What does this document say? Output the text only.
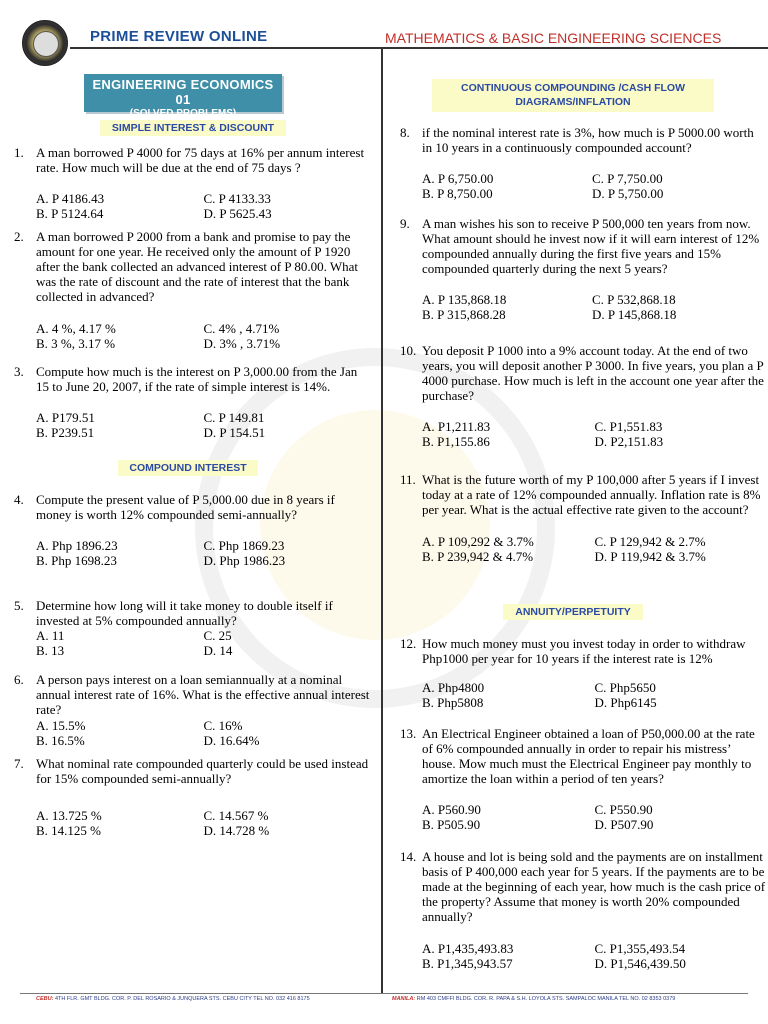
PRIME REVIEW ONLINE	MATHEMATICS & BASIC ENGINEERING SCIENCES
ENGINEERING ECONOMICS 01
(SOLVED PROBLEMS)
SIMPLE INTEREST & DISCOUNT
COMPOUND INTEREST
CONTINUOUS COMPOUNDING /CASH FLOW DIAGRAMS/INFLATION
ANNUITY/PERPETUITY
1. A man borrowed P 4000 for 75 days at 16% per annum interest rate. How much will be due at the end of 75 days ?
A. P 4186.43	C. P 4133.33
B. P 5124.64	D. P 5625.43
2. A man borrowed P 2000 from a bank and promise to pay the amount for one year. He received only the amount of P 1920 after the bank collected an advanced interest of P 80.00. What was the rate of discount and the rate of interest that the bank collected in advanced?
A. 4 %, 4.17 %	C. 4% , 4.71%
B. 3 %, 3.17 %	D. 3% , 3.71%
3. Compute how much is the interest on P 3,000.00 from the Jan 15 to June 20, 2007, if the rate of simple interest is 14%.
A. P179.51	C. P 149.81
B. P239.51	D. P 154.51
4. Compute the present value of P 5,000.00 due in 8 years if money is worth 12% compounded semi-annually?
A. Php 1896.23	C. Php 1869.23
B. Php 1698.23	D. Php 1986.23
5. Determine how long will it take money to double itself if invested at 5% compounded annually?
A. 11	C. 25
B. 13	D. 14
6. A person pays interest on a loan semiannually at a nominal annual interest rate of 16%. What is the effective annual interest rate?
A. 15.5%	C. 16%
B. 16.5%	D. 16.64%
7. What nominal rate compounded quarterly could be used instead for 15% compounded semi-annually?
A. 13.725 %	C. 14.567 %
B. 14.125 %	D. 14.728 %
8. if the nominal interest rate is 3%, how much is P 5000.00 worth in 10 years in a continuously compounded account?
A. P 6,750.00	C. P 7,750.00
B. P 8,750.00	D. P 5,750.00
9. A man wishes his son to receive P 500,000 ten years from now. What amount should he invest now if it will earn interest of 12% compounded annually during the first five years and 15% compounded quarterly during the next 5 years?
A. P 135,868.18	C. P 532,868.18
B. P 315,868.28	D. P 145,868.18
10. You deposit P 1000 into a 9% account today. At the end of two years, you will deposit another P 3000. In five years, you plan a P 4000 purchase. How much is left in the account one year after the purchase?
A. P1,211.83	C. P1,551.83
B. P1,155.86	D. P2,151.83
11. What is the future worth of my P 100,000 after 5 years if I invest today at a rate of 12% compounded annually. Inflation rate is 8% per year. What is the actual effective rate given to the account?
A. P 109,292 & 3.7%	C. P 129,942 & 2.7%
B. P 239,942 & 4.7%	D. P 119,942 & 3.7%
12. How much money must you invest today in order to withdraw Php1000 per year for 10 years if the interest rate is 12%
A. Php4800	C. Php5650
B. Php5808	D. Php6145
13. An Electrical Engineer obtained a loan of P50,000.00 at the rate of 6% compounded annually in order to repair his mistress’ house. Mow much must the Electrical Engineer pay monthly to amortize the loan within a period of ten years?
A. P560.90	C. P550.90
B. P505.90	D. P507.90
14. A house and lot is being sold and the payments are on installment basis of P 400,000 each year for 5 years. If the payments are to be made at the beginning of each year, how much is the cash price of the property? Assume that money is worth 20% compounded annually?
A. P1,435,493.83	C. P1,355,493.54
B. P1,345,943.57	D. P1,546,439.50
CEBU: 4TH FLR. GMT BLDG. COR. P. DEL ROSARIO & JUNQUERA STS. CEBU CITY TEL NO. 032 416 8175	MANILA: RM 403 CMFFI BLDG. COR. R. PAPA & S.H. LOYOLA STS. SAMPALOC MANILA TEL NO. 02 8353 0379
